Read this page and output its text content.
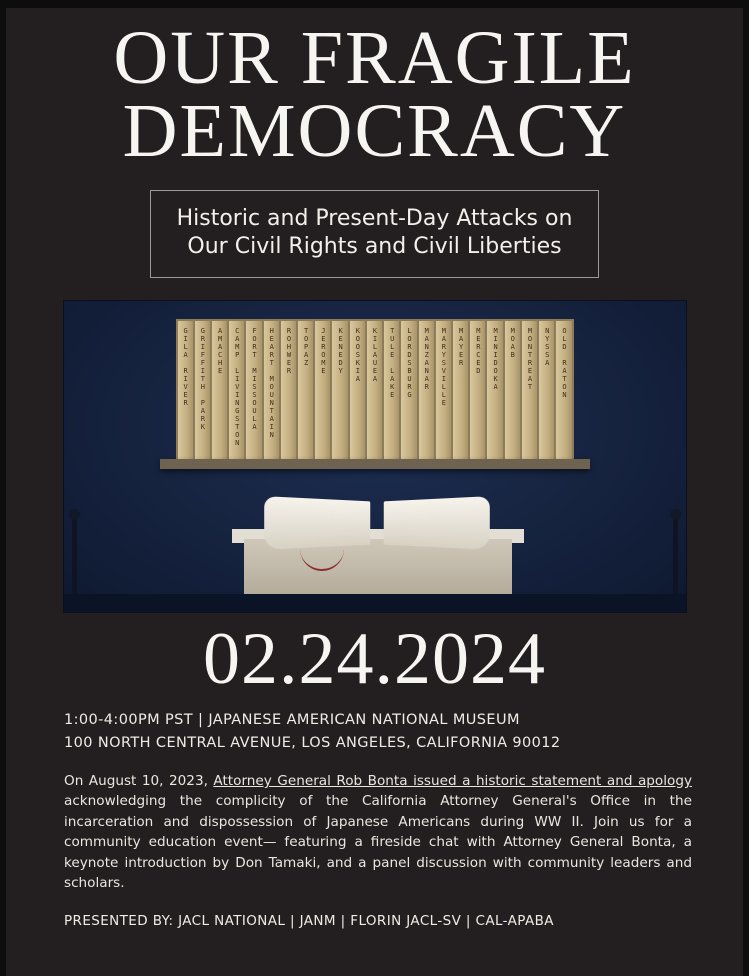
OUR FRAGILE
DEMOCRACY
Historic and Present-Day Attacks on
Our Civil Rights and Civil Liberties
GILA RIVER GRIFFITH PARK AMACHE CAMP LIVINGSTON FORT MISSOULA HEART MOUNTAIN ROHWER TOPAZ JEROME KENEDY KOOSKIA KILAUEA TULE LAKE LORDSBURG MANZANAR MARYSVILLE MAYER MERCED MINIDOKA MOAB MONTREAT NYSSA OLD RATON
02.24.2024
1:00-4:00PM PST | JAPANESE AMERICAN NATIONAL MUSEUM
100 NORTH CENTRAL AVENUE, LOS ANGELES, CALIFORNIA 90012
On August 10, 2023, Attorney General Rob Bonta issued a historic statement and apology acknowledging the complicity of the California Attorney General's Office in the incarceration and dispossession of Japanese Americans during WW II. Join us for a community education event— featuring a fireside chat with Attorney General Bonta, a keynote introduction by Don Tamaki, and a panel discussion with community leaders and scholars.
PRESENTED BY: JACL NATIONAL | JANM | FLORIN JACL-SV | CAL-APABA
